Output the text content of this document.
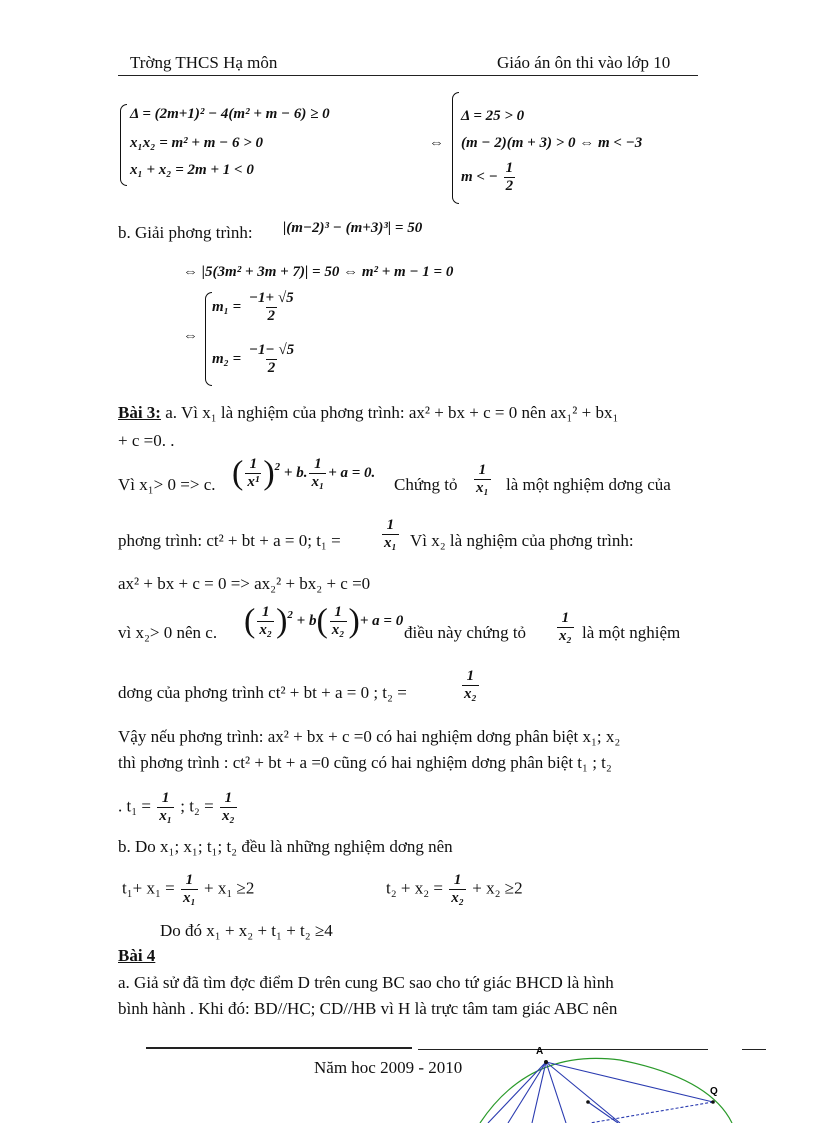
Trờng THCS Hạ môn	Giáo án ôn thi vào lớp 10
Δ = (2m+1)² − 4(m² + m − 6) ≥ 0
x₁x₂ = m² + m − 6 > 0
x₁ + x₂ = 2m + 1 < 0
⇔
Δ = 25 > 0
(m − 2)(m + 3) > 0 ⇔ m < −3
m < − $\frac{1}{2}$
b. Giải phơng trình: |(m−2)³ − (m+3)³| = 50
⇔ |5(3m² + 3m + 7)| = 50 ⇔ m² + m − 1 = 0
⇔
$m_1 = \frac{-1+ √5}{2}$
$m_2 = \frac{-1- √5}{2}$
Bài 3: a. Vì x₁ là nghiệm của phơng trình: ax² + bx + c = 0 nên ax₁² + bx₁
+ c =0. .
Vì x₁> 0 => c. ( $\frac{1}{\text{x¹}} )^2 + b$. $\frac{1}{\text{x₁}} + a = 0$.
Chứng tỏ $\frac{1}{\text{x₁}}$ là một nghiệm dơng của
phơng trình: ct² + bt + a = 0; t₁ =	$\frac{1}{\text{x₁}}$ Vì x₂ là nghiệm của phơng trình:
ax² + bx + c = 0 => ax₂² + bx₂ + c =0
vì x₂> 0 nên c. ( $\frac{1}{\text{x₂}} )^2 + b( \frac{1}{\text{x₂}}$ )+ a = 0
điều này chứng tỏ $\frac{1}{\text{x₂}}$ là một nghiệm
dơng của phơng trình ct² + bt + a = 0 ; t₂ =	$\frac{1}{\text{x₂}}$
Vậy nếu phơng trình: ax² + bx + c =0 có hai nghiệm dơng phân biệt x₁; x₂
thì phơng trình : ct² + bt + a =0 cũng có hai nghiệm dơng phân biệt t₁ ; t₂
. $t_1 = \frac{1}{\text{x₁}}$ ; $t_2 = \frac{1}{\text{x₂}}$
b. Do x₁; x₁; t₁; t₂ đều là những nghiệm dơng nên
$t_1+ x_1 = \frac{1}{\text{x₁}} + x_1 \ge 2$	$t_2 + x_2 = \frac{1}{\text{x₂}} + x_2 \ge 2$
Do đó x₁ + x₂ + t₁ + t₂ ≥4
Bài 4
a. Giả sử đã tìm đợc điểm D trên cung BC sao cho tứ giác BHCD là hình
bình hành . Khi đó: BD//HC; CD//HB vì H là trực tâm tam giác ABC nên
Năm hoc 2009 - 2010
A
Q
